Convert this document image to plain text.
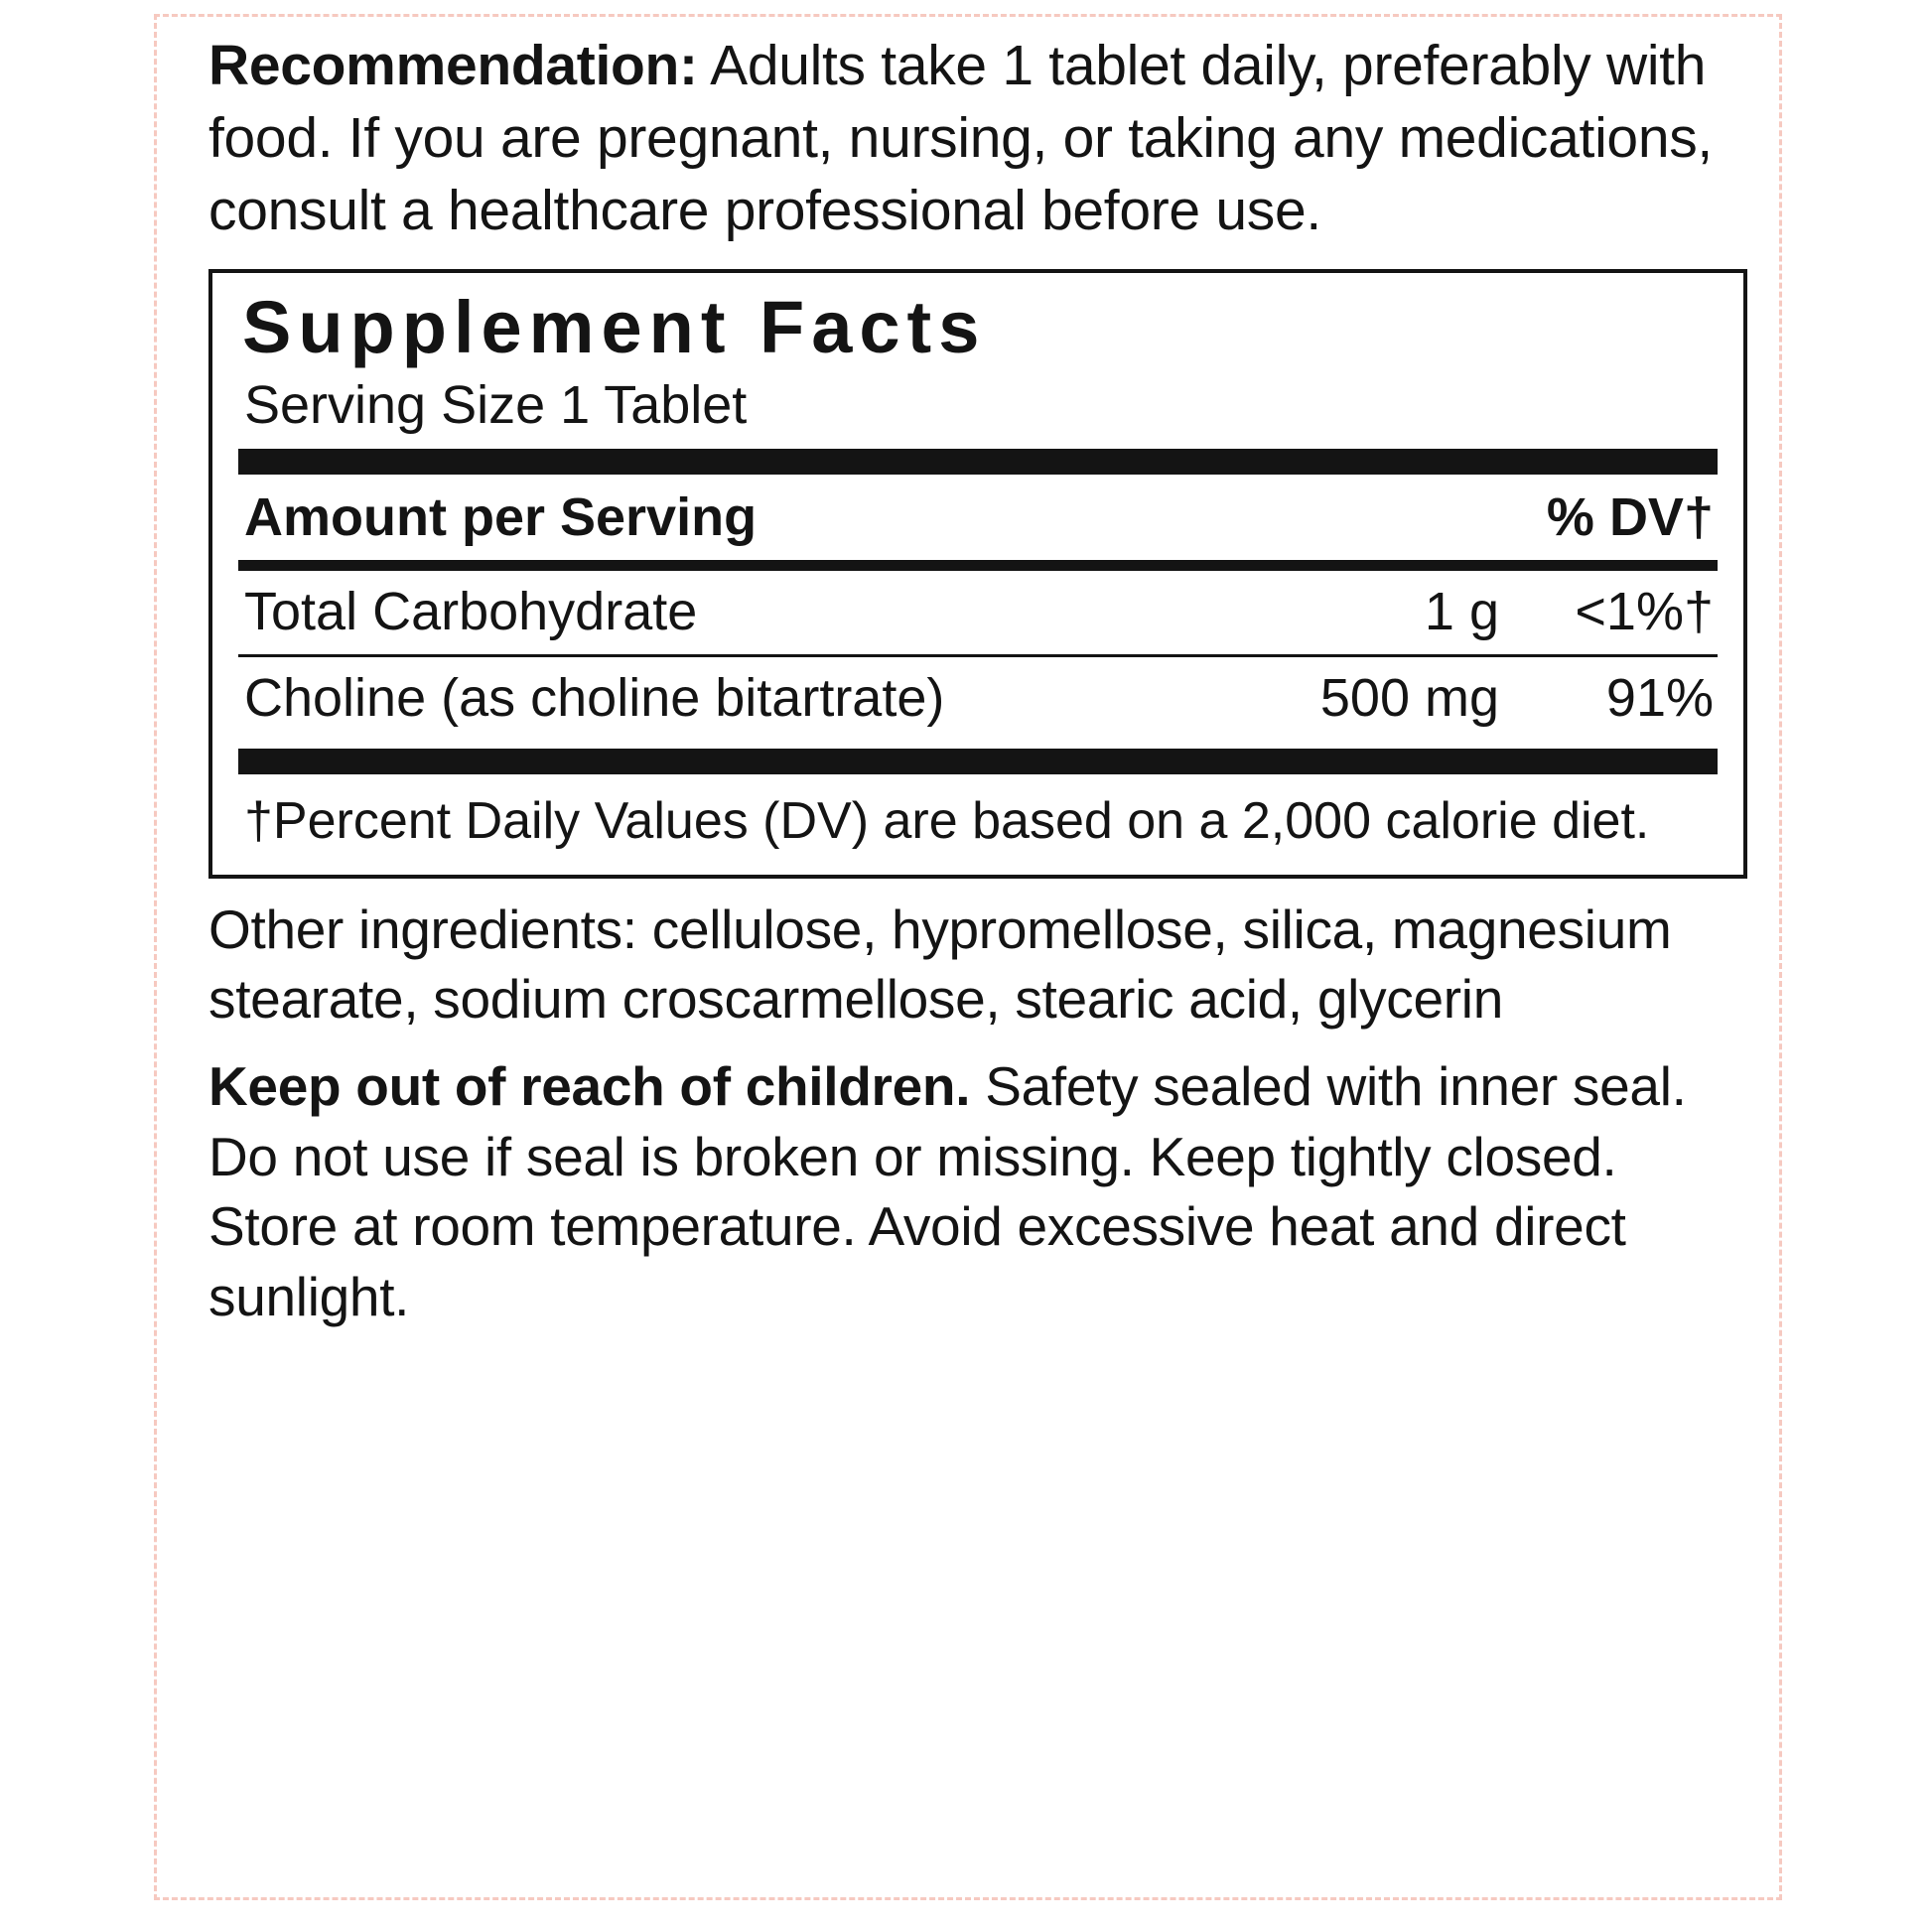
Recommendation: Adults take 1 tablet daily, preferably with food. If you are pregnant, nursing, or taking any medications, consult a healthcare professional before use.

Supplement Facts
Serving Size 1 Tablet
Amount per Serving	% DV†
Total Carbohydrate	1 g	<1%†
Choline (as choline bitartrate)	500 mg	91%
†Percent Daily Values (DV) are based on a 2,000 calorie diet.

Other ingredients: cellulose, hypromellose, silica, magnesium stearate, sodium croscarmellose, stearic acid, glycerin

Keep out of reach of children. Safety sealed with inner seal. Do not use if seal is broken or missing. Keep tightly closed. Store at room temperature. Avoid excessive heat and direct sunlight.
